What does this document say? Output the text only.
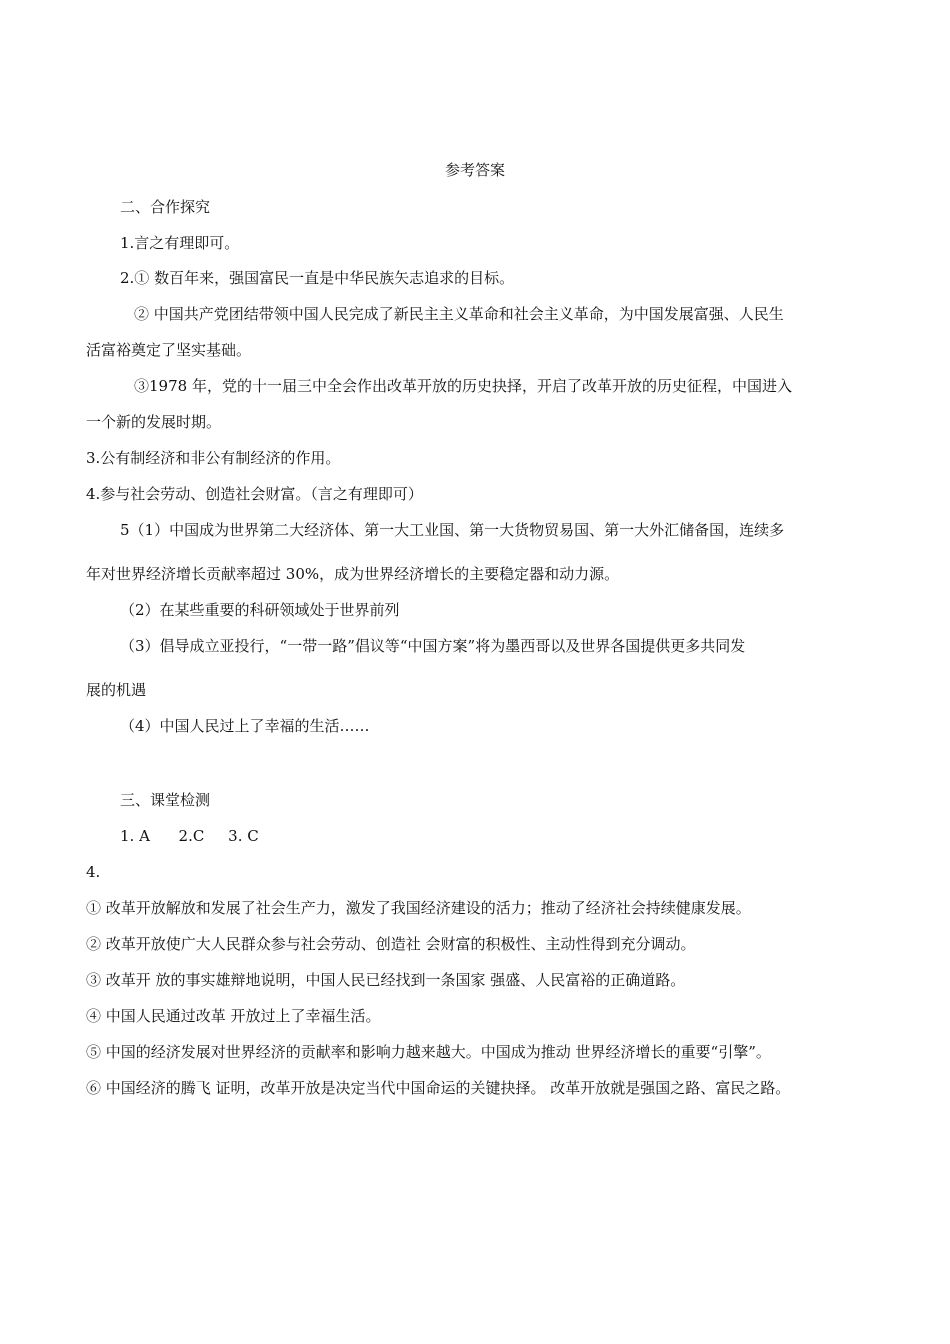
参考答案
二、合作探究
1.言之有理即可。
2.① 数百年来，强国富民一直是中华民族矢志追求的目标。
② 中国共产党团结带领中国人民完成了新民主主义革命和社会主义革命，为中国发展富强、人民生
活富裕奠定了坚实基础。
③1978 年，党的十一届三中全会作出改革开放的历史抉择，开启了改革开放的历史征程，中国进入
一个新的发展时期。
3.公有制经济和非公有制经济的作用。
4.参与社会劳动、创造社会财富。（言之有理即可）
5（1）中国成为世界第二大经济体、第一大工业国、第一大货物贸易国、第一大外汇储备国，连续多
年对世界经济增长贡献率超过 30%，成为世界经济增长的主要稳定器和动力源。
（2）在某些重要的科研领域处于世界前列
（3）倡导成立亚投行，“一带一路”倡议等“中国方案”将为墨西哥以及世界各国提供更多共同发
展的机遇
（4）中国人民过上了幸福的生活……
三、课堂检测
1. A      2.C     3. C
4.
① 改革开放解放和发展了社会生产力，激发了我国经济建设的活力；推动了经济社会持续健康发展。
② 改革开放使广大人民群众参与社会劳动、创造社 会财富的积极性、主动性得到充分调动。
③ 改革开 放的事实雄辩地说明，中国人民已经找到一条国家 强盛、人民富裕的正确道路。
④ 中国人民通过改革 开放过上了幸福生活。
⑤ 中国的经济发展对世界经济的贡献率和影响力越来越大。中国成为推动 世界经济增长的重要“引擎”。
⑥ 中国经济的腾飞 证明，改革开放是决定当代中国命运的关键抉择。 改革开放就是强国之路、富民之路。
